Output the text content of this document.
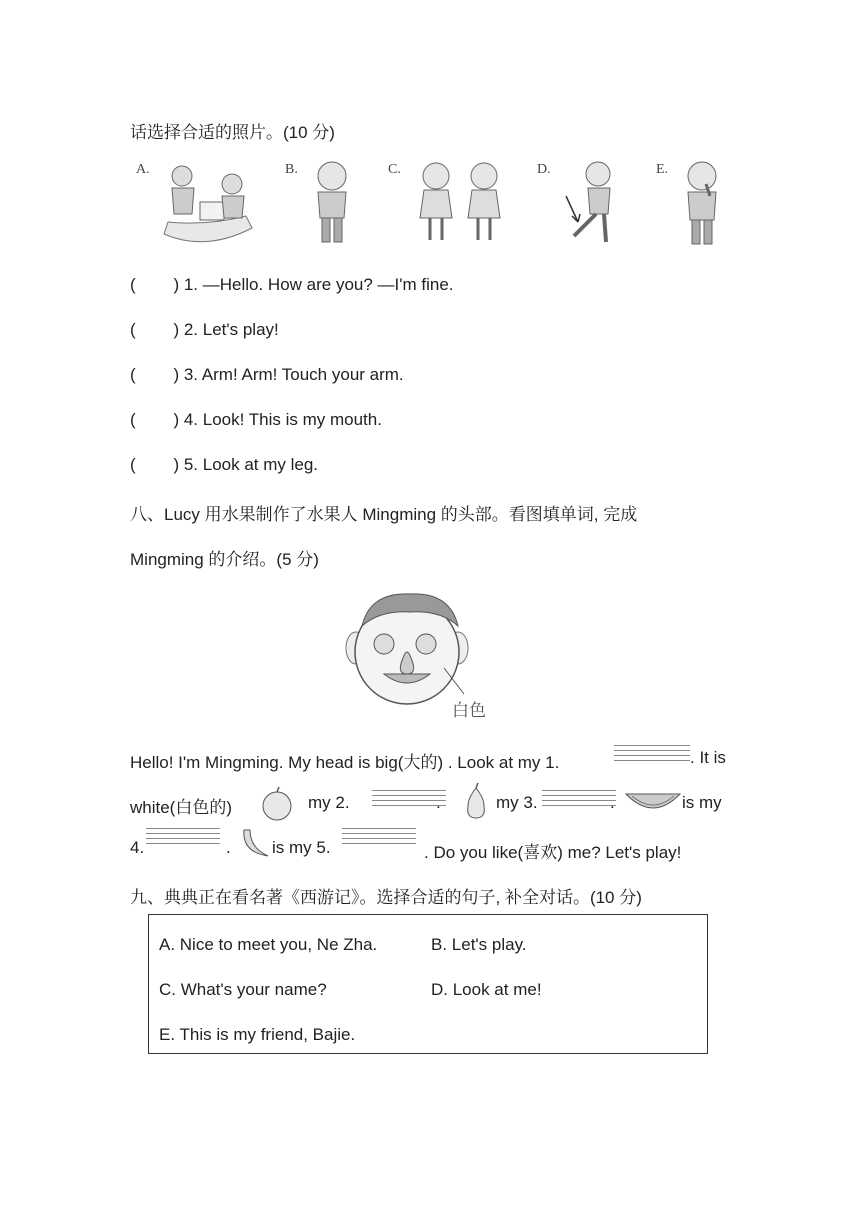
话选择合适的照片。(10 分)
A.	B.	C.	D.	E.
(        ) 1. —Hello. How are you? —I'm fine.
(        ) 2. Let's play!
(        ) 3. Arm! Arm! Touch your arm.
(        ) 4. Look! This is my mouth.
(        ) 5. Look at my leg.
八、Lucy 用水果制作了水果人 Mingming 的头部。看图填单词, 完成
Mingming 的介绍。(5 分)
白色
Hello! I'm Mingming. My head is big(大的) . Look at my 1.	. It is
white(白色的)	my 2.	.	my 3.	.	is my
4.	. is my 5.	. Do you like(喜欢) me? Let's play!
九、典典正在看名著《西游记》。选择合适的句子, 补全对话。(10 分)
A. Nice to meet you, Ne Zha.	B. Let's play.
C. What's your name?	D. Look at me!
E. This is my friend, Bajie.
